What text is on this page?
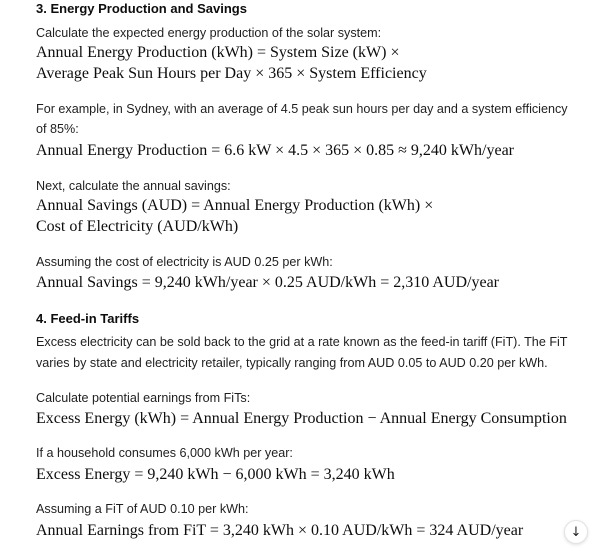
3. Energy Production and Savings
Calculate the expected energy production of the solar system:
Annual Energy Production (kWh) = System Size (kW) ×
Average Peak Sun Hours per Day × 365 × System Efficiency
For example, in Sydney, with an average of 4.5 peak sun hours per day and a system efficiency
of 85%:
Annual Energy Production = 6.6 kW × 4.5 × 365 × 0.85 ≈ 9,240 kWh/year
Next, calculate the annual savings:
Annual Savings (AUD) = Annual Energy Production (kWh) ×
Cost of Electricity (AUD/kWh)
Assuming the cost of electricity is AUD 0.25 per kWh:
Annual Savings = 9,240 kWh/year × 0.25 AUD/kWh = 2,310 AUD/year
4. Feed-in Tariffs
Excess electricity can be sold back to the grid at a rate known as the feed-in tariff (FiT). The FiT
varies by state and electricity retailer, typically ranging from AUD 0.05 to AUD 0.20 per kWh.
Calculate potential earnings from FiTs:
Excess Energy (kWh) = Annual Energy Production − Annual Energy Consumption
If a household consumes 6,000 kWh per year:
Excess Energy = 9,240 kWh − 6,000 kWh = 3,240 kWh
Assuming a FiT of AUD 0.10 per kWh:
Annual Earnings from FiT = 3,240 kWh × 0.10 AUD/kWh = 324 AUD/year	↓
